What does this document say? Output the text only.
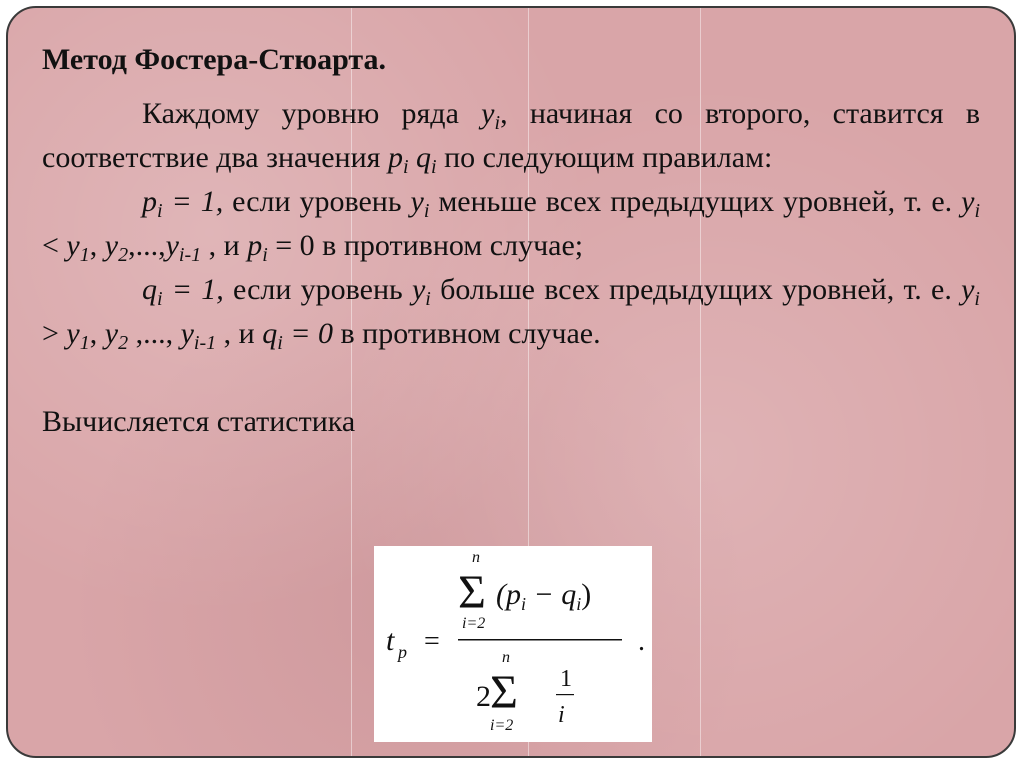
Метод Фостера-Стюарта.

Каждому уровню ряда $y_i$, начиная со второго, ставится в соответствие два значения $p_i$ $q_i$ по следующим правилам:

$p_i = 1$, если уровень $y_i$ меньше всех предыдущих уровней, т. е. $y_i < y_1$, $y_2,...,y_{i-1}$ , и $p_i = 0$ в противном случае;

$q_i = 1$, если уровень $y_i$ больше всех предыдущих уровней, т. е. $y_i > y_1$, $y_2$ ,..., $y_{i-1}$ , и $q_i = 0$ в противном случае.

Вычисляется статистика

t p =
n
Σ
i=2
$(p_i - q_i)$
n
2 Σ
i=2
1
i
.
